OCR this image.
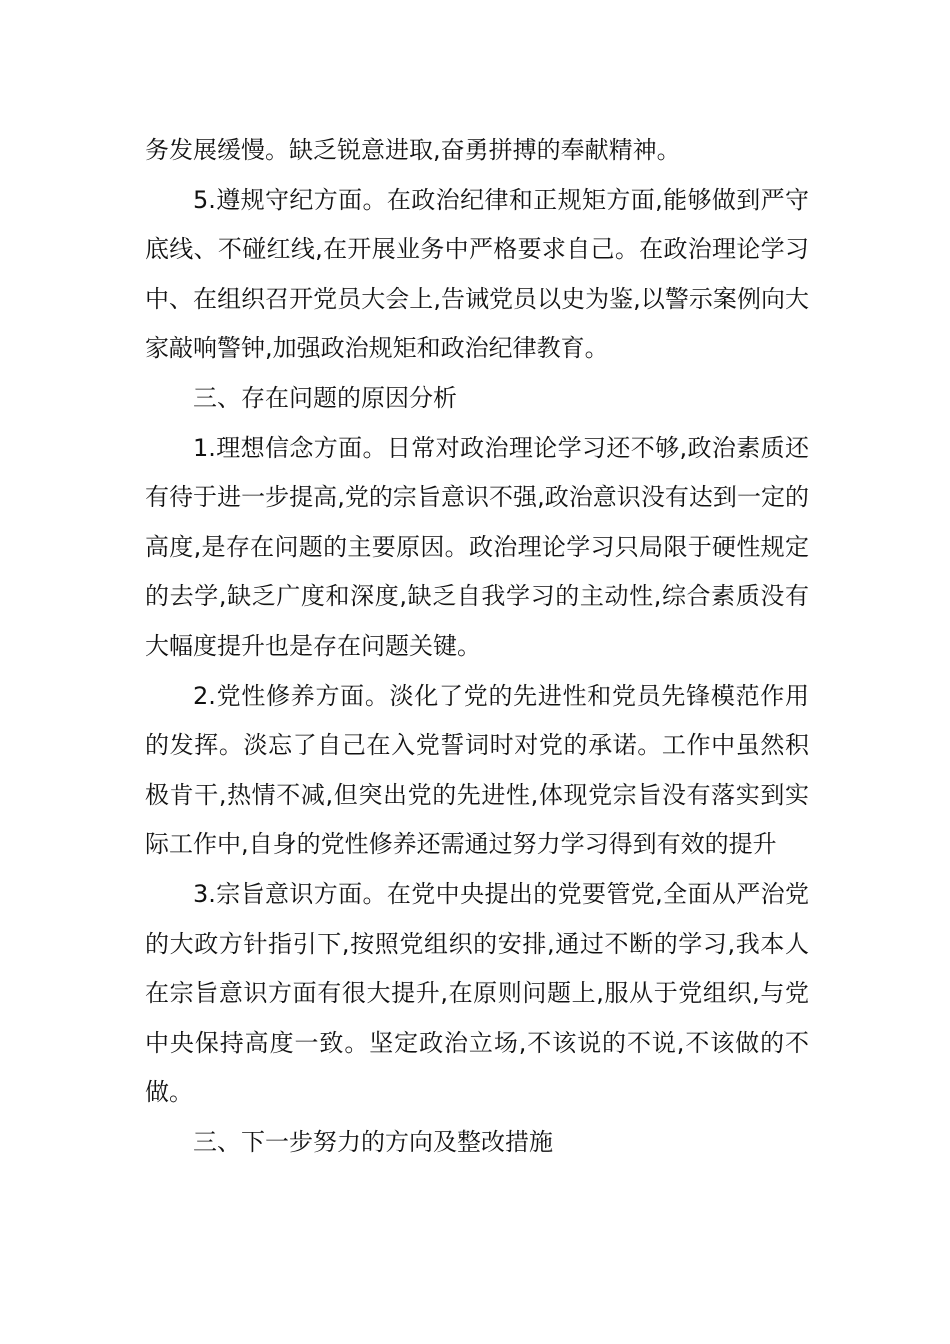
务发展缓慢。缺乏锐意进取,奋勇拼搏的奉献精神。

5.遵规守纪方面。在政治纪律和正规矩方面,能够做到严守底线、不碰红线,在开展业务中严格要求自己。在政治理论学习中、在组织召开党员大会上,告诫党员以史为鉴,以警示案例向大家敲响警钟,加强政治规矩和政治纪律教育。

三、存在问题的原因分析

1.理想信念方面。日常对政治理论学习还不够,政治素质还有待于进一步提高,党的宗旨意识不强,政治意识没有达到一定的高度,是存在问题的主要原因。政治理论学习只局限于硬性规定的去学,缺乏广度和深度,缺乏自我学习的主动性,综合素质没有大幅度提升也是存在问题关键。

2.党性修养方面。淡化了党的先进性和党员先锋模范作用的发挥。淡忘了自己在入党誓词时对党的承诺。工作中虽然积极肯干,热情不减,但突出党的先进性,体现党宗旨没有落实到实际工作中,自身的党性修养还需通过努力学习得到有效的提升

3.宗旨意识方面。在党中央提出的党要管党,全面从严治党的大政方针指引下,按照党组织的安排,通过不断的学习,我本人在宗旨意识方面有很大提升,在原则问题上,服从于党组织,与党中央保持高度一致。坚定政治立场,不该说的不说,不该做的不做。

三、下一步努力的方向及整改措施
